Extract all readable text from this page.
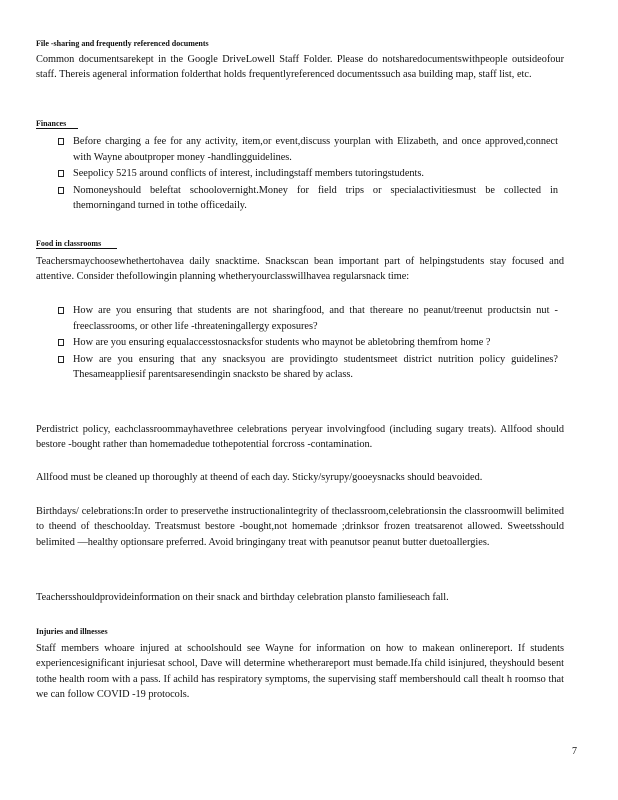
File -sharing and frequently referenced documents
Common documentsarekept in the Google DriveLowell Staff Folder. Please do notsharedocumentswithpeople outsideofour staff. Thereis ageneral information folderthat holds frequentlyreferenced documentssuch asa building map, staff list, etc.
Finances
Before charging a fee for any activity, item,or event,discuss yourplan with Elizabeth, and once approved,connect with Wayne aboutproper money -handlingguidelines.
Seepolicy 5215 around conflicts of interest, includingstaff members tutoringstudents.
Nomoneyshould beleftat schoolovernight.Money for field trips or specialactivitiesmust be collected in themorningand turned in tothe officedaily.
Food in classrooms
Teachersmaychoosewhethertohavea daily snacktime. Snackscan bean important part of helpingstudents stay focused and attentive. Consider thefollowingin planning whetheryourclasswillhavea regularsnack time:
How are you ensuring that students are not sharingfood, and that thereare no peanut/treenut productsin nut -freeclassrooms, or other life -threateningallergy exposures?
How are you ensuring equalaccesstosnacksfor students who maynot be abletobring themfrom home ?
How are you ensuring that any snacksyou are providingto studentsmeet district nutrition policy guidelines? Thesameappliesif parentsaresendingin snacksto be shared by aclass.
Perdistrict policy, eachclassroommayhavethree celebrations peryear involvingfood (including sugary treats). Allfood should bestore -bought rather than homemadedue tothepotential forcross -contamination.
Allfood must be cleaned up thoroughly at theend of each day. Sticky/syrupy/gooeysnacks should beavoided.
Birthdays/ celebrations:In order to preservethe instructionalintegrity of theclassroom,celebrationsin the classroomwill belimited to theend of theschoolday. Treatsmust bestore -bought,not homemade ;drinksor frozen treatsarenot allowed. Sweetsshould belimited —healthy optionsare preferred. Avoid bringingany treat with peanutsor peanut butter duetoallergies.
Teachersshouldprovideinformation on their snack and birthday celebration plansto familieseach fall.
Injuries and illnesses
Staff members whoare injured at schoolshould see Wayne for information on how to makean onlinereport. If students experiencesignificant injuriesat school, Dave will determine whetherareport must bemade.Ifa child isinjured, theyshould besent tothe health room with a pass. If achild has respiratory symptoms, the supervising staff membershould call thealt h roomso that we can follow COVID -19 protocols.
7
